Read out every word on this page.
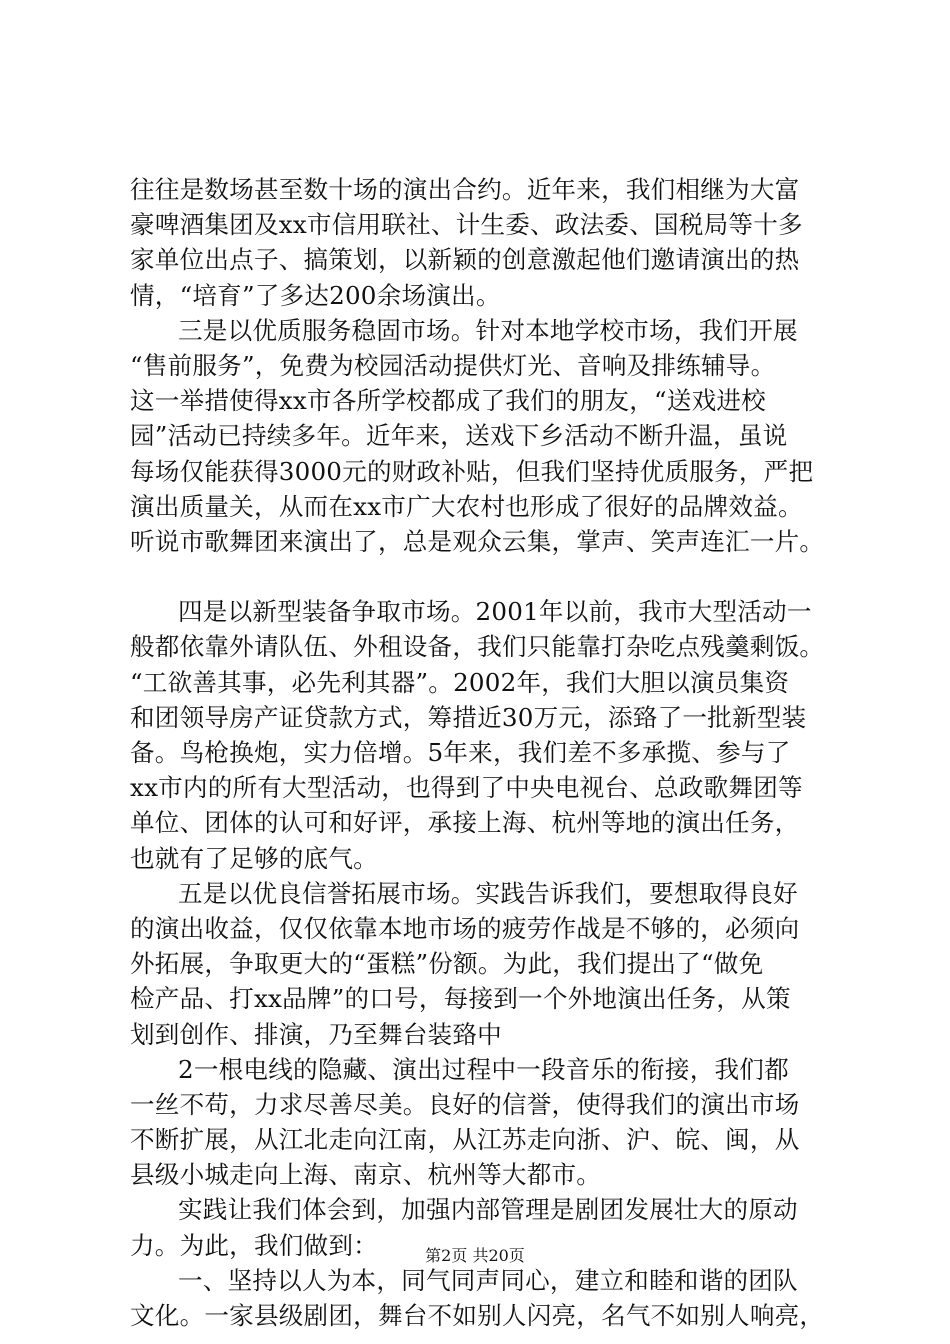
往往是数场甚至数十场的演出合约。近年来，我们相继为大富
豪啤酒集团及xx市信用联社、计生委、政法委、国税局等十多
家单位出点子、搞策划，以新颖的创意激起他们邀请演出的热
情，“培育”了多达200余场演出。
三是以优质服务稳固市场。针对本地学校市场，我们开展
“售前服务”，免费为校园活动提供灯光、音响及排练辅导。
这一举措使得xx市各所学校都成了我们的朋友，“送戏进校
园”活动已持续多年。近年来，送戏下乡活动不断升温，虽说
每场仅能获得3000元的财政补贴，但我们坚持优质服务，严把
演出质量关，从而在xx市广大农村也形成了很好的品牌效益。
听说市歌舞团来演出了，总是观众云集，掌声、笑声连汇一片。
四是以新型装备争取市场。2001年以前，我市大型活动一
般都依靠外请队伍、外租设备，我们只能靠打杂吃点残羹剩饭。
“工欲善其事，必先利其器”。2002年，我们大胆以演员集资
和团领导房产证贷款方式，筹措近30万元，添臵了一批新型装
备。鸟枪换炮，实力倍增。5年来，我们差不多承揽、参与了
xx市内的所有大型活动，也得到了中央电视台、总政歌舞团等
单位、团体的认可和好评，承接上海、杭州等地的演出任务，
也就有了足够的底气。
五是以优良信誉拓展市场。实践告诉我们，要想取得良好
的演出收益，仅仅依靠本地市场的疲劳作战是不够的，必须向
外拓展，争取更大的“蛋糕”份额。为此，我们提出了“做免
检产品、打xx品牌”的口号，每接到一个外地演出任务，从策
划到创作、排演，乃至舞台装臵中
2一根电线的隐藏、演出过程中一段音乐的衔接，我们都
一丝不苟，力求尽善尽美。良好的信誉，使得我们的演出市场
不断扩展，从江北走向江南，从江苏走向浙、沪、皖、闽，从
县级小城走向上海、南京、杭州等大都市。
实践让我们体会到，加强内部管理是剧团发展壮大的原动
力。为此，我们做到：
一、坚持以人为本，同气同声同心，建立和睦和谐的团队
文化。一家县级剧团，舞台不如别人闪亮，名气不如别人响亮，
第2页 共20页
